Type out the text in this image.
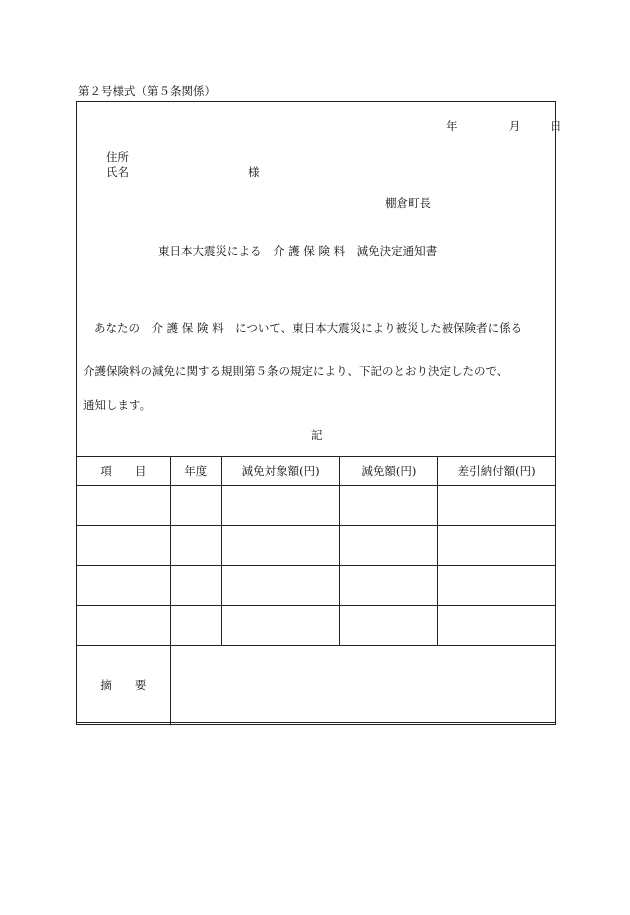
第２号様式（第５条関係）
年	月	日
住所
氏名	様
棚倉町長
東日本大震災による　介 護 保 険 料　減免決定通知書
あなたの　介 護 保 険 料　について、東日本大震災により被災した被保険者に係る
介護保険料の減免に関する規則第５条の規定により、下記のとおり決定したので、
通知します。
記
項　　目	年度	減免対象額(円)	減免額(円)	差引納付額(円)

摘　　要				
